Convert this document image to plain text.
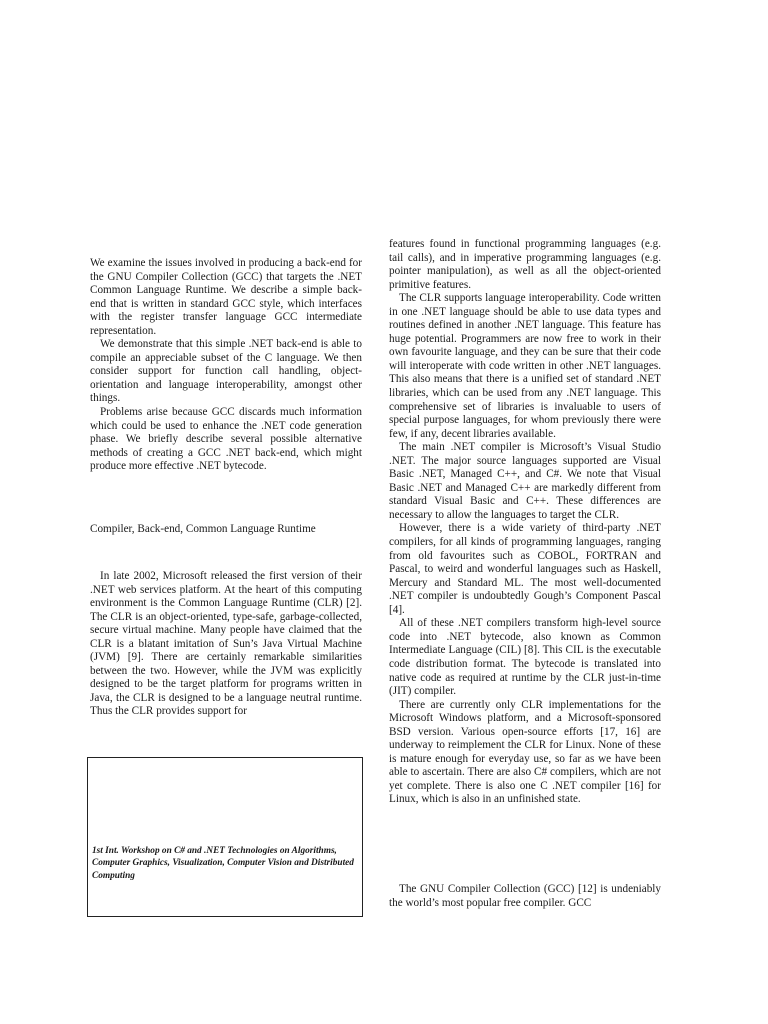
We examine the issues involved in producing a back-end for the GNU Compiler Collection (GCC) that targets the .NET Common Language Runtime. We describe a simple back-end that is written in standard GCC style, which interfaces with the register transfer language GCC intermediate representation.

We demonstrate that this simple .NET back-end is able to compile an appreciable subset of the C language. We then consider support for function call handling, object-orientation and language interoperability, amongst other things.

Problems arise because GCC discards much information which could be used to enhance the .NET code generation phase. We briefly describe several possible alternative methods of creating a GCC .NET back-end, which might produce more effective .NET bytecode.

Compiler, Back-end, Common Language Runtime

In late 2002, Microsoft released the first version of their .NET web services platform. At the heart of this computing environment is the Common Language Runtime (CLR) [2]. The CLR is an object-oriented, type-safe, garbage-collected, secure virtual machine. Many people have claimed that the CLR is a blatant imitation of Sun’s Java Virtual Machine (JVM) [9]. There are certainly remarkable similarities between the two. However, while the JVM was explicitly designed to be the target platform for programs written in Java, the CLR is designed to be a language neutral runtime. Thus the CLR provides support for

1st Int. Workshop on C# and .NET Technologies on Algorithms, Computer Graphics, Visualization, Computer Vision and Distributed Computing

features found in functional programming languages (e.g. tail calls), and in imperative programming languages (e.g. pointer manipulation), as well as all the object-oriented primitive features.

The CLR supports language interoperability. Code written in one .NET language should be able to use data types and routines defined in another .NET language. This feature has huge potential. Programmers are now free to work in their own favourite language, and they can be sure that their code will interoperate with code written in other .NET languages. This also means that there is a unified set of standard .NET libraries, which can be used from any .NET language. This comprehensive set of libraries is invaluable to users of special purpose languages, for whom previously there were few, if any, decent libraries available.

The main .NET compiler is Microsoft’s Visual Studio .NET. The major source languages supported are Visual Basic .NET, Managed C++, and C#. We note that Visual Basic .NET and Managed C++ are markedly different from standard Visual Basic and C++. These differences are necessary to allow the languages to target the CLR.

However, there is a wide variety of third-party .NET compilers, for all kinds of programming languages, ranging from old favourites such as COBOL, FORTRAN and Pascal, to weird and wonderful languages such as Haskell, Mercury and Standard ML. The most well-documented .NET compiler is undoubtedly Gough’s Component Pascal [4].

All of these .NET compilers transform high-level source code into .NET bytecode, also known as Common Intermediate Language (CIL) [8]. This CIL is the executable code distribution format. The bytecode is translated into native code as required at runtime by the CLR just-in-time (JIT) compiler.

There are currently only CLR implementations for the Microsoft Windows platform, and a Microsoft-sponsored BSD version. Various open-source efforts [17, 16] are underway to reimplement the CLR for Linux. None of these is mature enough for everyday use, so far as we have been able to ascertain. There are also C# compilers, which are not yet complete. There is also one C .NET compiler [16] for Linux, which is also in an unfinished state.

The GNU Compiler Collection (GCC) [12] is undeniably the world’s most popular free compiler. GCC
